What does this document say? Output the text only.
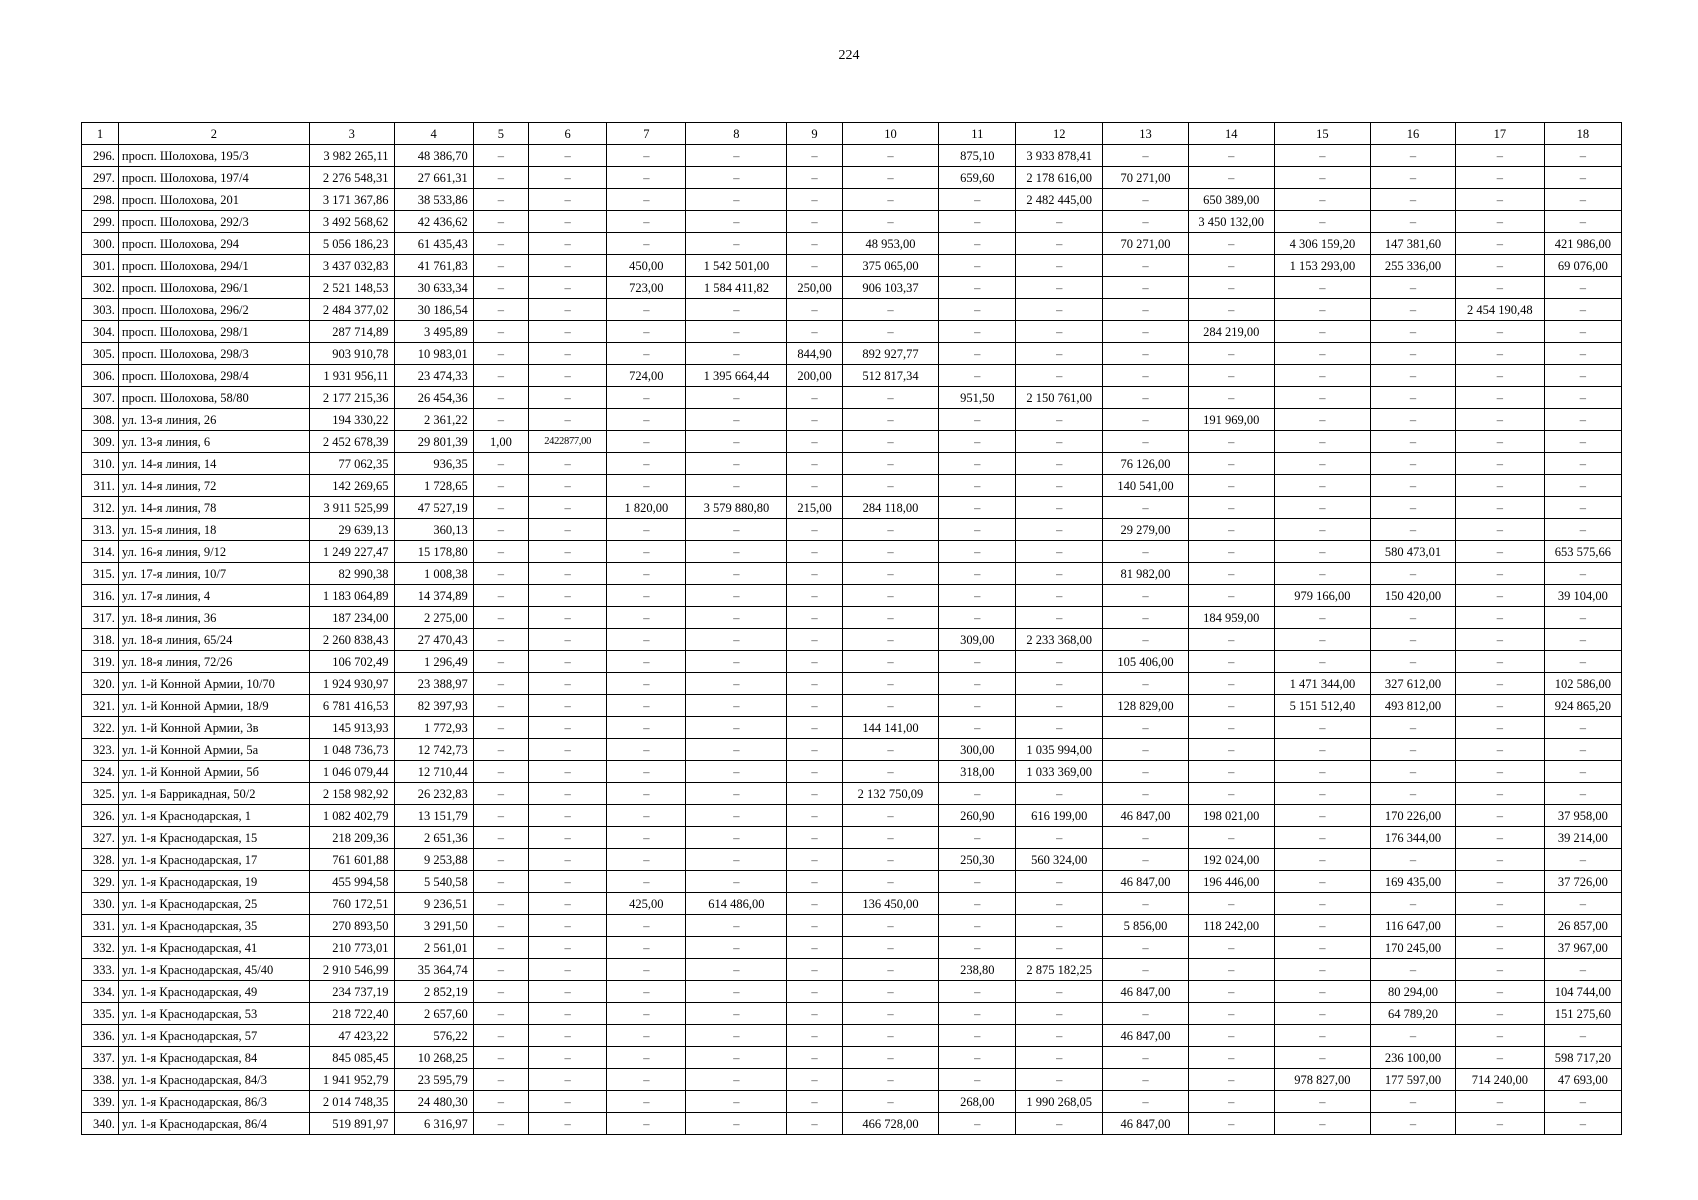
224
1	2	3	4	5	6	7	8	9	10	11	12	13	14	15	16	17	18
296.	просп. Шолохова, 195/3	3 982 265,11	48 386,70	–	–	–	–	–	–	875,10	3 933 878,41	–	–	–	–	–	–
297.	просп. Шолохова, 197/4	2 276 548,31	27 661,31	–	–	–	–	–	–	659,60	2 178 616,00	70 271,00	–	–	–	–	–
298.	просп. Шолохова, 201	3 171 367,86	38 533,86	–	–	–	–	–	–	–	2 482 445,00	–	650 389,00	–	–	–	–
299.	просп. Шолохова, 292/3	3 492 568,62	42 436,62	–	–	–	–	–	–	–	–	–	3 450 132,00	–	–	–	–
300.	просп. Шолохова, 294	5 056 186,23	61 435,43	–	–	–	–	–	48 953,00	–	–	70 271,00	–	4 306 159,20	147 381,60	–	421 986,00
301.	просп. Шолохова, 294/1	3 437 032,83	41 761,83	–	–	450,00	1 542 501,00	–	375 065,00	–	–	–	–	1 153 293,00	255 336,00	–	69 076,00
302.	просп. Шолохова, 296/1	2 521 148,53	30 633,34	–	–	723,00	1 584 411,82	250,00	906 103,37	–	–	–	–	–	–	–	–
303.	просп. Шолохова, 296/2	2 484 377,02	30 186,54	–	–	–	–	–	–	–	–	–	–	–	–	2 454 190,48	–
304.	просп. Шолохова, 298/1	287 714,89	3 495,89	–	–	–	–	–	–	–	–	–	284 219,00	–	–	–	–
305.	просп. Шолохова, 298/3	903 910,78	10 983,01	–	–	–	–	844,90	892 927,77	–	–	–	–	–	–	–	–
306.	просп. Шолохова, 298/4	1 931 956,11	23 474,33	–	–	724,00	1 395 664,44	200,00	512 817,34	–	–	–	–	–	–	–	–
307.	просп. Шолохова, 58/80	2 177 215,36	26 454,36	–	–	–	–	–	–	951,50	2 150 761,00	–	–	–	–	–	–
308.	ул. 13-я линия, 26	194 330,22	2 361,22	–	–	–	–	–	–	–	–	–	191 969,00	–	–	–	–
309.	ул. 13-я линия, 6	2 452 678,39	29 801,39	1,00	2422877,00	–	–	–	–	–	–	–	–	–	–	–	–
310.	ул. 14-я линия, 14	77 062,35	936,35	–	–	–	–	–	–	–	–	76 126,00	–	–	–	–	–
311.	ул. 14-я линия, 72	142 269,65	1 728,65	–	–	–	–	–	–	–	–	140 541,00	–	–	–	–	–
312.	ул. 14-я линия, 78	3 911 525,99	47 527,19	–	–	1 820,00	3 579 880,80	215,00	284 118,00	–	–	–	–	–	–	–	–
313.	ул. 15-я линия, 18	29 639,13	360,13	–	–	–	–	–	–	–	–	29 279,00	–	–	–	–	–
314.	ул. 16-я линия, 9/12	1 249 227,47	15 178,80	–	–	–	–	–	–	–	–	–	–	–	580 473,01	–	653 575,66
315.	ул. 17-я линия, 10/7	82 990,38	1 008,38	–	–	–	–	–	–	–	–	81 982,00	–	–	–	–	–
316.	ул. 17-я линия, 4	1 183 064,89	14 374,89	–	–	–	–	–	–	–	–	–	–	979 166,00	150 420,00	–	39 104,00
317.	ул. 18-я линия, 36	187 234,00	2 275,00	–	–	–	–	–	–	–	–	–	184 959,00	–	–	–	–
318.	ул. 18-я линия, 65/24	2 260 838,43	27 470,43	–	–	–	–	–	–	309,00	2 233 368,00	–	–	–	–	–	–
319.	ул. 18-я линия, 72/26	106 702,49	1 296,49	–	–	–	–	–	–	–	–	105 406,00	–	–	–	–	–
320.	ул. 1-й Конной Армии, 10/70	1 924 930,97	23 388,97	–	–	–	–	–	–	–	–	–	–	1 471 344,00	327 612,00	–	102 586,00
321.	ул. 1-й Конной Армии, 18/9	6 781 416,53	82 397,93	–	–	–	–	–	–	–	–	128 829,00	–	5 151 512,40	493 812,00	–	924 865,20
322.	ул. 1-й Конной Армии, 3в	145 913,93	1 772,93	–	–	–	–	–	144 141,00	–	–	–	–	–	–	–	–
323.	ул. 1-й Конной Армии, 5а	1 048 736,73	12 742,73	–	–	–	–	–	–	300,00	1 035 994,00	–	–	–	–	–	–
324.	ул. 1-й Конной Армии, 5б	1 046 079,44	12 710,44	–	–	–	–	–	–	318,00	1 033 369,00	–	–	–	–	–	–
325.	ул. 1-я Баррикадная, 50/2	2 158 982,92	26 232,83	–	–	–	–	–	2 132 750,09	–	–	–	–	–	–	–	–
326.	ул. 1-я Краснодарская, 1	1 082 402,79	13 151,79	–	–	–	–	–	–	260,90	616 199,00	46 847,00	198 021,00	–	170 226,00	–	37 958,00
327.	ул. 1-я Краснодарская, 15	218 209,36	2 651,36	–	–	–	–	–	–	–	–	–	–	–	176 344,00	–	39 214,00
328.	ул. 1-я Краснодарская, 17	761 601,88	9 253,88	–	–	–	–	–	–	250,30	560 324,00	–	192 024,00	–	–	–	–
329.	ул. 1-я Краснодарская, 19	455 994,58	5 540,58	–	–	–	–	–	–	–	–	46 847,00	196 446,00	–	169 435,00	–	37 726,00
330.	ул. 1-я Краснодарская, 25	760 172,51	9 236,51	–	–	425,00	614 486,00	–	136 450,00	–	–	–	–	–	–	–	–
331.	ул. 1-я Краснодарская, 35	270 893,50	3 291,50	–	–	–	–	–	–	–	–	5 856,00	118 242,00	–	116 647,00	–	26 857,00
332.	ул. 1-я Краснодарская, 41	210 773,01	2 561,01	–	–	–	–	–	–	–	–	–	–	–	170 245,00	–	37 967,00
333.	ул. 1-я Краснодарская, 45/40	2 910 546,99	35 364,74	–	–	–	–	–	–	238,80	2 875 182,25	–	–	–	–	–	–
334.	ул. 1-я Краснодарская, 49	234 737,19	2 852,19	–	–	–	–	–	–	–	–	46 847,00	–	–	80 294,00	–	104 744,00
335.	ул. 1-я Краснодарская, 53	218 722,40	2 657,60	–	–	–	–	–	–	–	–	–	–	–	64 789,20	–	151 275,60
336.	ул. 1-я Краснодарская, 57	47 423,22	576,22	–	–	–	–	–	–	–	–	46 847,00	–	–	–	–	–
337.	ул. 1-я Краснодарская, 84	845 085,45	10 268,25	–	–	–	–	–	–	–	–	–	–	–	236 100,00	–	598 717,20
338.	ул. 1-я Краснодарская, 84/3	1 941 952,79	23 595,79	–	–	–	–	–	–	–	–	–	–	978 827,00	177 597,00	714 240,00	47 693,00
339.	ул. 1-я Краснодарская, 86/3	2 014 748,35	24 480,30	–	–	–	–	–	–	268,00	1 990 268,05	–	–	–	–	–	–
340.	ул. 1-я Краснодарская, 86/4	519 891,97	6 316,97	–	–	–	–	–	466 728,00	–	–	46 847,00	–	–	–	–	–
